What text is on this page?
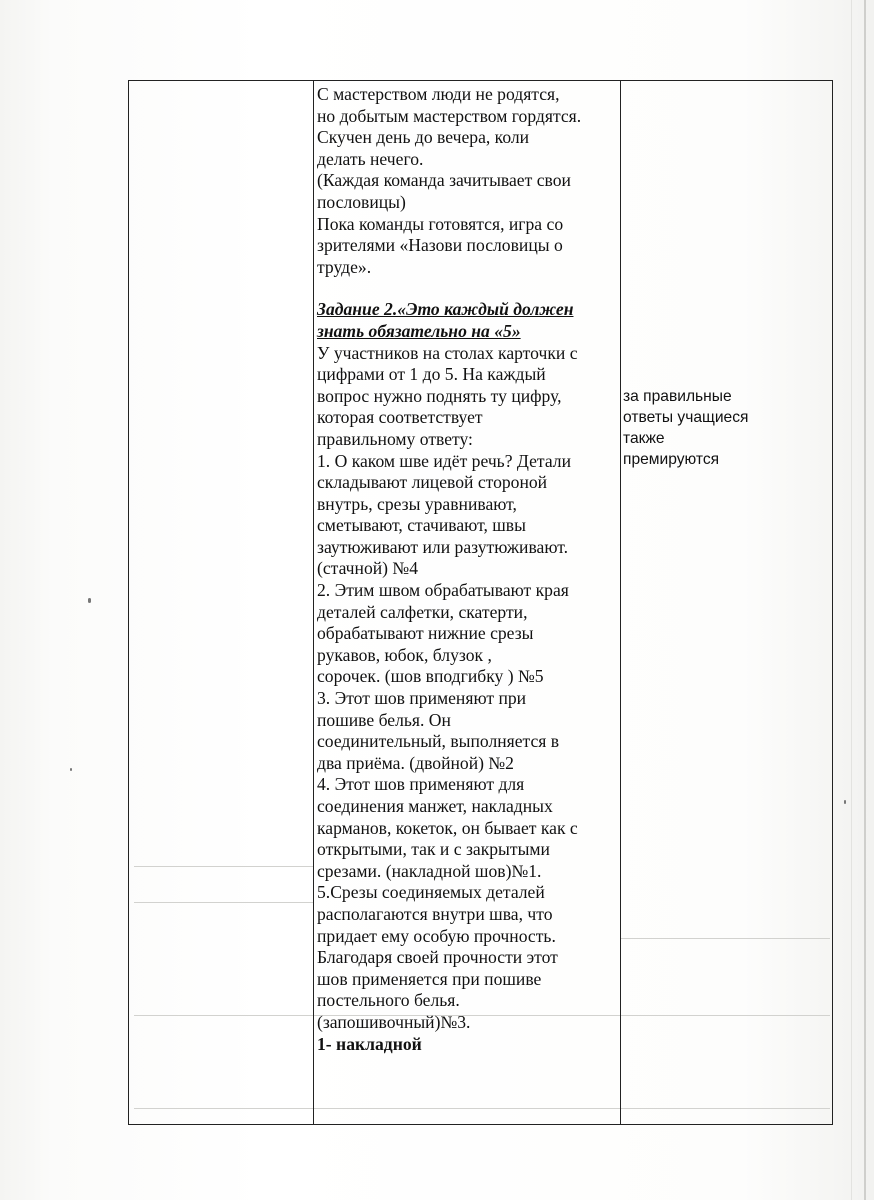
С мастерством люди не родятся,

но добытым мастерством гордятся.

Скучен день до вечера, коли

делать нечего.

(Каждая команда зачитывает свои

пословицы)

Пока команды готовятся, игра со

зрителями «Назови пословицы о

труде».

Задание 2.«Это каждый должен

знать обязательно на «5»

У участников на столах карточки с

цифрами от 1 до 5. На каждый

вопрос нужно поднять ту цифру,

которая соответствует

правильному ответу:

1. О каком шве идёт речь? Детали

складывают лицевой стороной

внутрь, срезы уравнивают,

сметывают, стачивают, швы

заутюживают или разутюживают.

(стачной) №4

2. Этим швом обрабатывают края

деталей салфетки, скатерти,

обрабатывают нижние срезы

рукавов, юбок, блузок ,

сорочек. (шов вподгибку ) №5

3. Этот шов применяют при

пошиве белья. Он

соединительный, выполняется в

два приёма. (двойной) №2

4. Этот шов применяют для

соединения манжет, накладных

карманов, кокеток, он бывает как с

открытыми, так и с закрытыми

срезами. (накладной шов)№1.

5.Срезы соединяемых деталей

располагаются внутри шва, что

придает ему особую прочность.

Благодаря своей прочности этот

шов применяется при пошиве

постельного белья.

(запошивочный)№3.

1- накладной

за правильные
ответы учащиеся
также
премируются
